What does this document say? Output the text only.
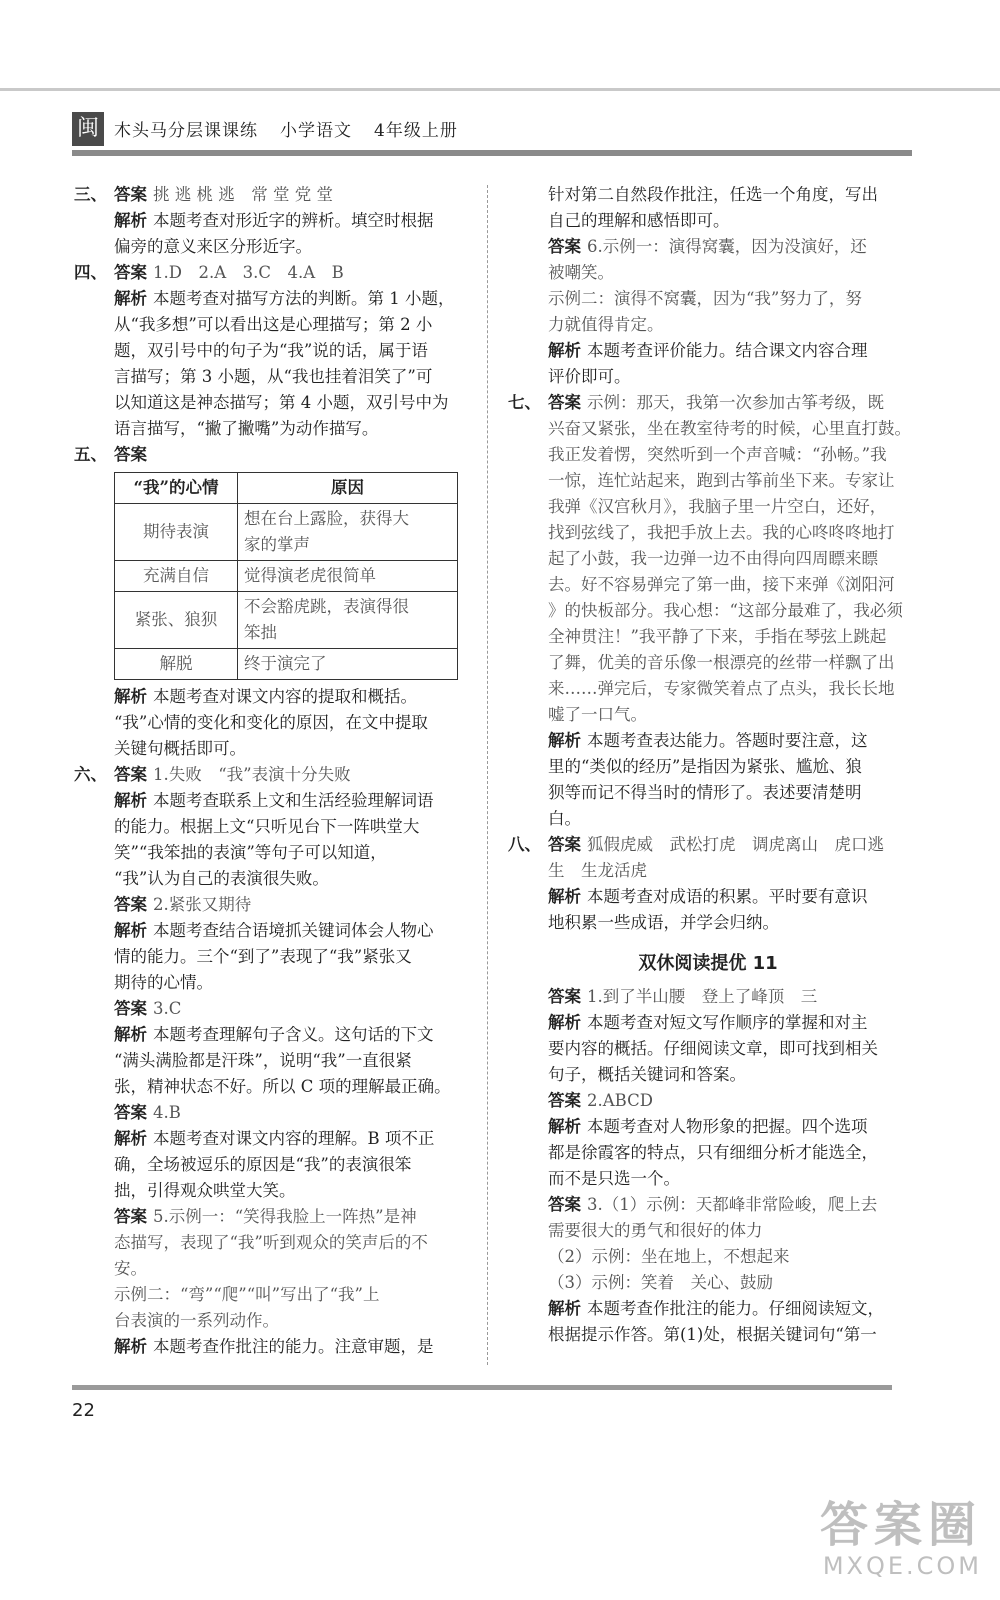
闽 木头马分层课课练 小学语文 4年级上册
三、 答案 挑 逃 桃 逃　常 堂 党 堂
解析 本题考查对形近字的辨析。填空时根据
偏旁的意义来区分形近字。
四、 答案 1.D　2.A　3.C　4.A　B
解析 本题考查对描写方法的判断。第 1 小题，
从“我多想”可以看出这是心理描写；第 2 小
题，双引号中的句子为“我”说的话，属于语
言描写；第 3 小题，从“我也挂着泪笑了”可
以知道这是神态描写；第 4 小题，双引号中为
语言描写，“撇了撇嘴”为动作描写。
五、 答案
“我”的心情	原因
期待表演	想在台上露脸，获得大
家的掌声

充满自信	觉得演老虎很简单

紧张、狼狈	不会豁虎跳，表演得很
笨拙

解脱	终于演完了
解析 本题考查对课文内容的提取和概括。
“我”心情的变化和变化的原因，在文中提取
关键句概括即可。
六、 答案 1.失败　“我”表演十分失败
解析 本题考查联系上文和生活经验理解词语
的能力。根据上文“只听见台下一阵哄堂大
笑”“我笨拙的表演”等句子可以知道，
“我”认为自己的表演很失败。
答案 2.紧张又期待
解析 本题考查结合语境抓关键词体会人物心
情的能力。三个“到了”表现了“我”紧张又
期待的心情。
答案 3.C
解析 本题考查理解句子含义。这句话的下文
“满头满脸都是汗珠”，说明“我”一直很紧
张，精神状态不好。所以 C 项的理解最正确。
答案 4.B
解析 本题考查对课文内容的理解。B 项不正
确，全场被逗乐的原因是“我”的表演很笨
拙，引得观众哄堂大笑。
答案 5.示例一：“笑得我脸上一阵热”是神
态描写，表现了“我”听到观众的笑声后的不
安。
示例二：“弯”“爬”“叫”写出了“我”上
台表演的一系列动作。
解析 本题考查作批注的能力。注意审题，是
针对第二自然段作批注，任选一个角度，写出
自己的理解和感悟即可。
答案 6.示例一：演得窝囊，因为没演好，还
被嘲笑。
示例二：演得不窝囊，因为“我”努力了，努
力就值得肯定。
解析 本题考查评价能力。结合课文内容合理
评价即可。
七、 答案 示例：那天，我第一次参加古筝考级，既
兴奋又紧张，坐在教室待考的时候，心里直打鼓。
我正发着愣，突然听到一个声音喊：“孙畅。”我
一惊，连忙站起来，跑到古筝前坐下来。专家让
我弹《汉宫秋月》，我脑子里一片空白，还好，
找到弦线了，我把手放上去。我的心咚咚咚地打
起了小鼓，我一边弹一边不由得向四周瞟来瞟
去。好不容易弹完了第一曲，接下来弹《浏阳河
》的快板部分。我心想：“这部分最难了，我必须
全神贯注！”我平静了下来，手指在琴弦上跳起
了舞，优美的音乐像一根漂亮的丝带一样飘了出
来……弹完后，专家微笑着点了点头，我长长地
嘘了一口气。
解析 本题考查表达能力。答题时要注意，这
里的“类似的经历”是指因为紧张、尴尬、狼
狈等而记不得当时的情形了。表述要清楚明
白。
八、 答案 狐假虎威　武松打虎　调虎离山　虎口逃
生　生龙活虎
解析 本题考查对成语的积累。平时要有意识
地积累一些成语，并学会归纳。
双休阅读提优 11
答案 1.到了半山腰　登上了峰顶　三
解析 本题考查对短文写作顺序的掌握和对主
要内容的概括。仔细阅读文章，即可找到相关
句子，概括关键词和答案。
答案 2.ABCD
解析 本题考查对人物形象的把握。四个选项
都是徐霞客的特点，只有细细分析才能选全，
而不是只选一个。
答案 3.（1）示例：天都峰非常险峻，爬上去
需要很大的勇气和很好的体力
（2）示例：坐在地上，不想起来
（3）示例：笑着　关心、鼓励
解析 本题考查作批注的能力。仔细阅读短文，
根据提示作答。第(1)处，根据关键词句“第一
22
答案圈
MXQE.COM
